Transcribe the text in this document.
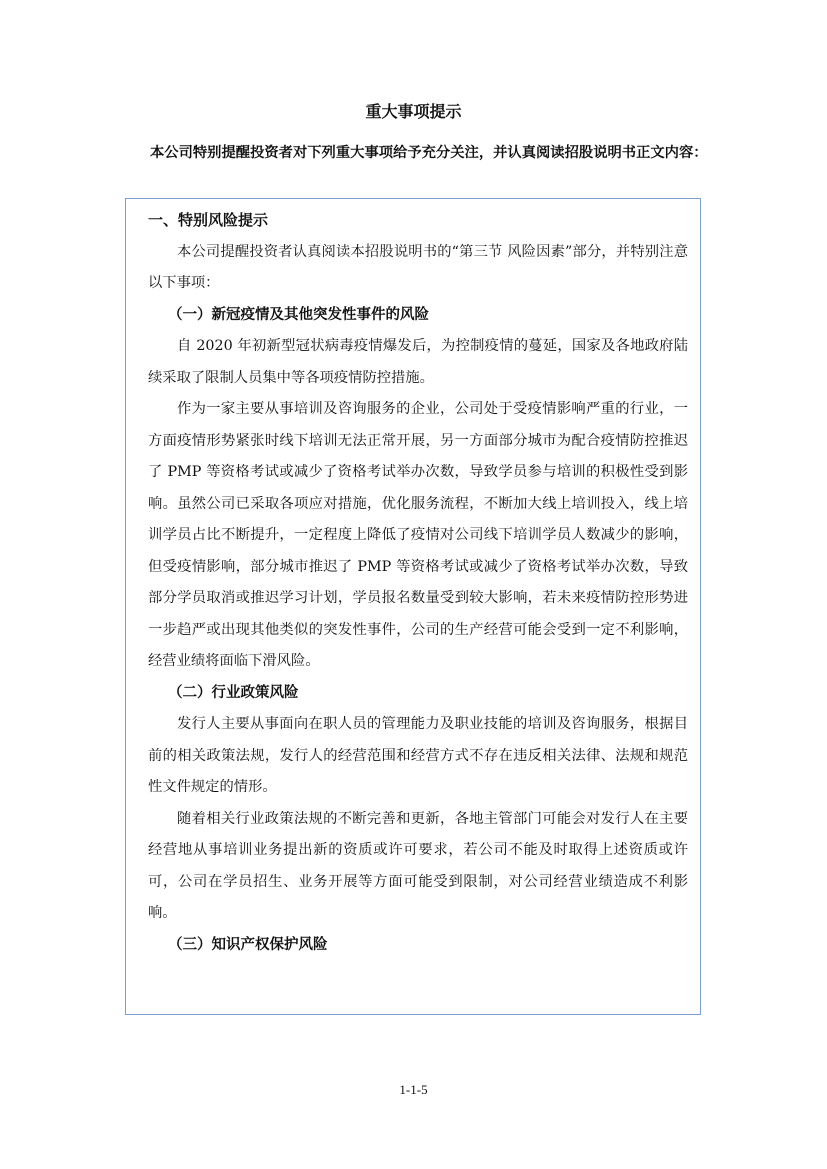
重大事项提示
本公司特别提醒投资者对下列重大事项给予充分关注，并认真阅读招股说明书正文内容：

一、特别风险提示

本公司提醒投资者认真阅读本招股说明书的“第三节 风险因素”部分，并特别注意以下事项：

（一）新冠疫情及其他突发性事件的风险

自 2020 年初新型冠状病毒疫情爆发后，为控制疫情的蔓延，国家及各地政府陆续采取了限制人员集中等各项疫情防控措施。

作为一家主要从事培训及咨询服务的企业，公司处于受疫情影响严重的行业，一方面疫情形势紧张时线下培训无法正常开展，另一方面部分城市为配合疫情防控推迟了 PMP 等资格考试或减少了资格考试举办次数，导致学员参与培训的积极性受到影响。虽然公司已采取各项应对措施，优化服务流程，不断加大线上培训投入，线上培训学员占比不断提升，一定程度上降低了疫情对公司线下培训学员人数减少的影响，但受疫情影响，部分城市推迟了 PMP 等资格考试或减少了资格考试举办次数，导致部分学员取消或推迟学习计划，学员报名数量受到较大影响，若未来疫情防控形势进一步趋严或出现其他类似的突发性事件，公司的生产经营可能会受到一定不利影响，经营业绩将面临下滑风险。

（二）行业政策风险

发行人主要从事面向在职人员的管理能力及职业技能的培训及咨询服务，根据目前的相关政策法规，发行人的经营范围和经营方式不存在违反相关法律、法规和规范性文件规定的情形。

随着相关行业政策法规的不断完善和更新，各地主管部门可能会对发行人在主要经营地从事培训业务提出新的资质或许可要求，若公司不能及时取得上述资质或许可，公司在学员招生、业务开展等方面可能受到限制，对公司经营业绩造成不利影响。

（三）知识产权保护风险

1-1-5
